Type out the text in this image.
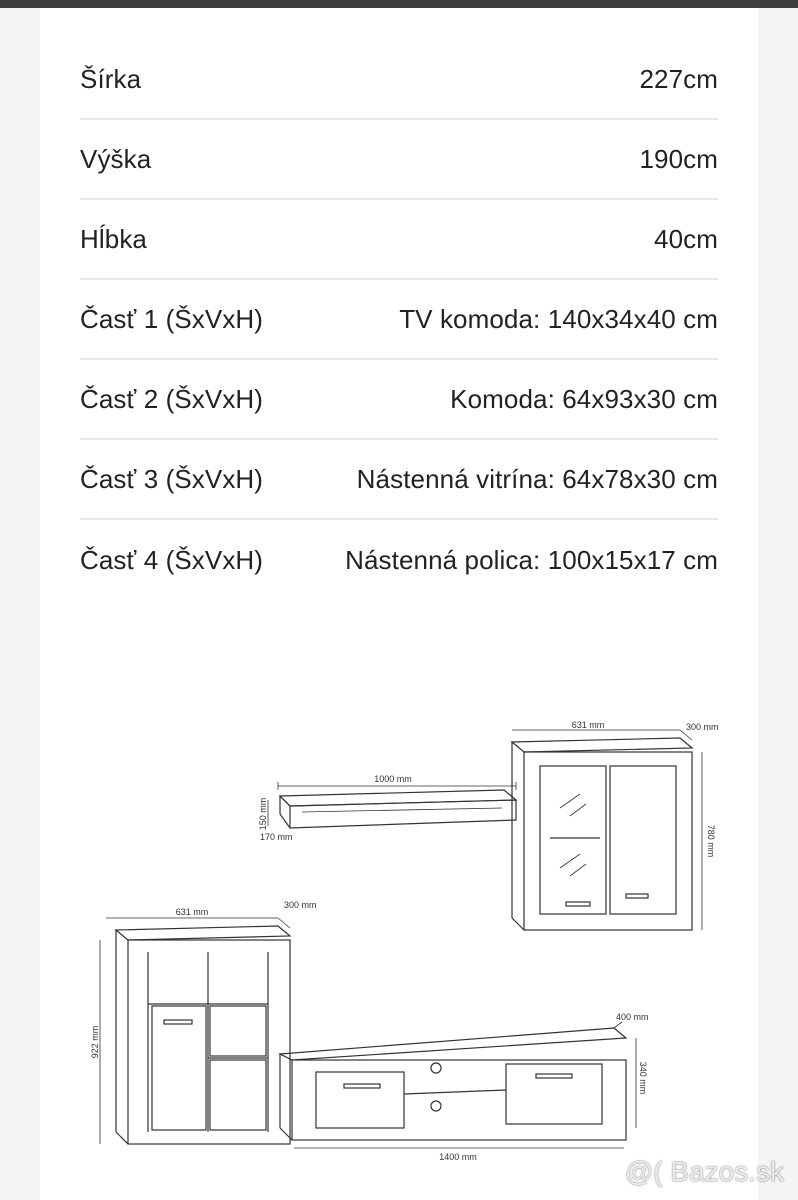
Šírka	227cm
Výška	190cm
Hĺbka	40cm
Časť 1 (ŠxVxH)	TV komoda: 140x34x40 cm
Časť 2 (ŠxVxH)	Komoda: 64x93x30 cm
Časť 3 (ŠxVxH)	Nástenná vitrína: 64x78x30 cm
Časť 4 (ŠxVxH)	Nástenná polica: 100x15x17 cm
1000 mm
150 mm
170 mm
631 mm	300 mm
780 mm
631 mm
300 mm
922 mm
400 mm
1400 mm
340 mm
@( Bazos.sk
